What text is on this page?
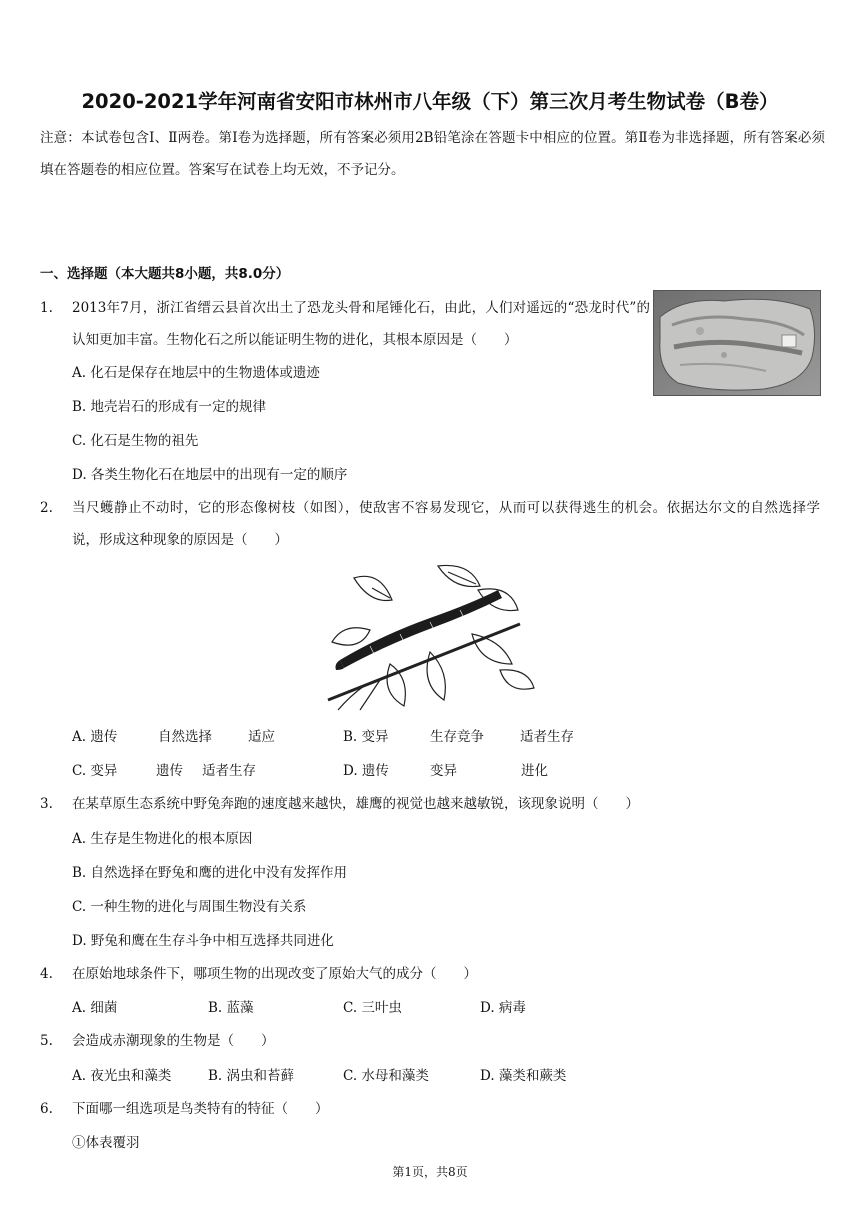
2020-2021学年河南省安阳市林州市八年级（下）第三次月考生物试卷（B卷）
注意：本试卷包含Ⅰ、Ⅱ两卷。第Ⅰ卷为选择题，所有答案必须用2B铅笔涂在答题卡中相应的位置。第Ⅱ卷为非选择题，所有答案必须填在答题卷的相应位置。答案写在试卷上均无效，不予记分。
一、选择题（本大题共8小题，共8.0分）
1.	2013年7月，浙江省缙云县首次出土了恐龙头骨和尾锤化石，由此，人们对遥远的“恐龙时代”的认知更加丰富。生物化石之所以能证明生物的进化，其根本原因是（　　）
A. 化石是保存在地层中的生物遗体或遗迹
B. 地壳岩石的形成有一定的规律
C. 化石是生物的祖先
D. 各类生物化石在地层中的出现有一定的顺序
2.	当尺蠖静止不动时，它的形态像树枝（如图），使敌害不容易发现它，从而可以获得逃生的机会。依据达尔文的自然选择学说，形成这种现象的原因是（　　）
A. 遗传	自然选择	适应	B. 变异	生存竞争	适者生存
C. 变异	遗传 适者生存	D. 遗传	变异	进化
3.	在某草原生态系统中野兔奔跑的速度越来越快，雄鹰的视觉也越来越敏锐，该现象说明（　　）
A. 生存是生物进化的根本原因
B. 自然选择在野兔和鹰的进化中没有发挥作用
C. 一种生物的进化与周围生物没有关系
D. 野兔和鹰在生存斗争中相互选择共同进化
4.	在原始地球条件下，哪项生物的出现改变了原始大气的成分（　　）
A. 细菌	B. 蓝藻	C. 三叶虫	D. 病毒
5.	会造成赤潮现象的生物是（　　）
A. 夜光虫和藻类	B. 涡虫和苔藓	C. 水母和藻类	D. 藻类和蕨类
6.	下面哪一组选项是鸟类特有的特征（　　）
①体表覆羽
第1页，共8页
